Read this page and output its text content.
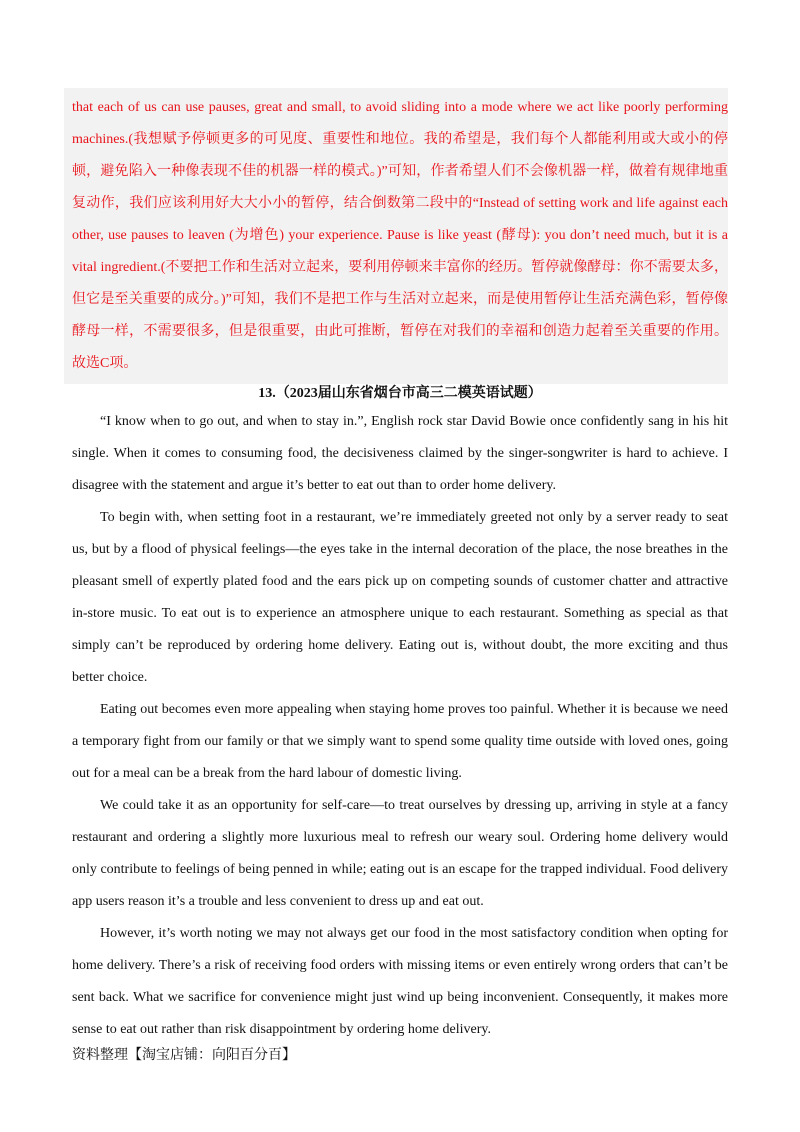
that each of us can use pauses, great and small, to avoid sliding into a mode where we act like poorly performing machines.(我想赋予停顿更多的可见度、重要性和地位。我的希望是，我们每个人都能利用或大或小的停顿，避免陷入一种像表现不佳的机器一样的模式。)”可知，作者希望人们不会像机器一样，做着有规律地重复动作，我们应该利用好大大小小的暂停，结合倒数第二段中的“Instead of setting work and life against each other, use pauses to leaven (为增色) your experience. Pause is like yeast (酵母): you don’t need much, but it is a vital ingredient.(不要把工作和生活对立起来，要利用停顿来丰富你的经历。暂停就像酵母：你不需要太多，但它是至关重要的成分。)”可知，我们不是把工作与生活对立起来，而是使用暂停让生活充满色彩，暂停像酵母一样，不需要很多，但是很重要，由此可推断，暂停在对我们的幸福和创造力起着至关重要的作用。故选C项。

13.（2023届山东省烟台市高三二模英语试题）

“I know when to go out, and when to stay in.”, English rock star David Bowie once confidently sang in his hit single. When it comes to consuming food, the decisiveness claimed by the singer-songwriter is hard to achieve. I disagree with the statement and argue it’s better to eat out than to order home delivery.

To begin with, when setting foot in a restaurant, we’re immediately greeted not only by a server ready to seat us, but by a flood of physical feelings—the eyes take in the internal decoration of the place, the nose breathes in the pleasant smell of expertly plated food and the ears pick up on competing sounds of customer chatter and attractive in-store music. To eat out is to experience an atmosphere unique to each restaurant. Something as special as that simply can’t be reproduced by ordering home delivery. Eating out is, without doubt, the more exciting and thus better choice.

Eating out becomes even more appealing when staying home proves too painful. Whether it is because we need a temporary fight from our family or that we simply want to spend some quality time outside with loved ones, going out for a meal can be a break from the hard labour of domestic living.

We could take it as an opportunity for self-care—to treat ourselves by dressing up, arriving in style at a fancy restaurant and ordering a slightly more luxurious meal to refresh our weary soul. Ordering home delivery would only contribute to feelings of being penned in while; eating out is an escape for the trapped individual. Food delivery app users reason it’s a trouble and less convenient to dress up and eat out.

However, it’s worth noting we may not always get our food in the most satisfactory condition when opting for home delivery. There’s a risk of receiving food orders with missing items or even entirely wrong orders that can’t be sent back. What we sacrifice for convenience might just wind up being inconvenient. Consequently, it makes more sense to eat out rather than risk disappointment by ordering home delivery.

资料整理【淘宝店铺：向阳百分百】
